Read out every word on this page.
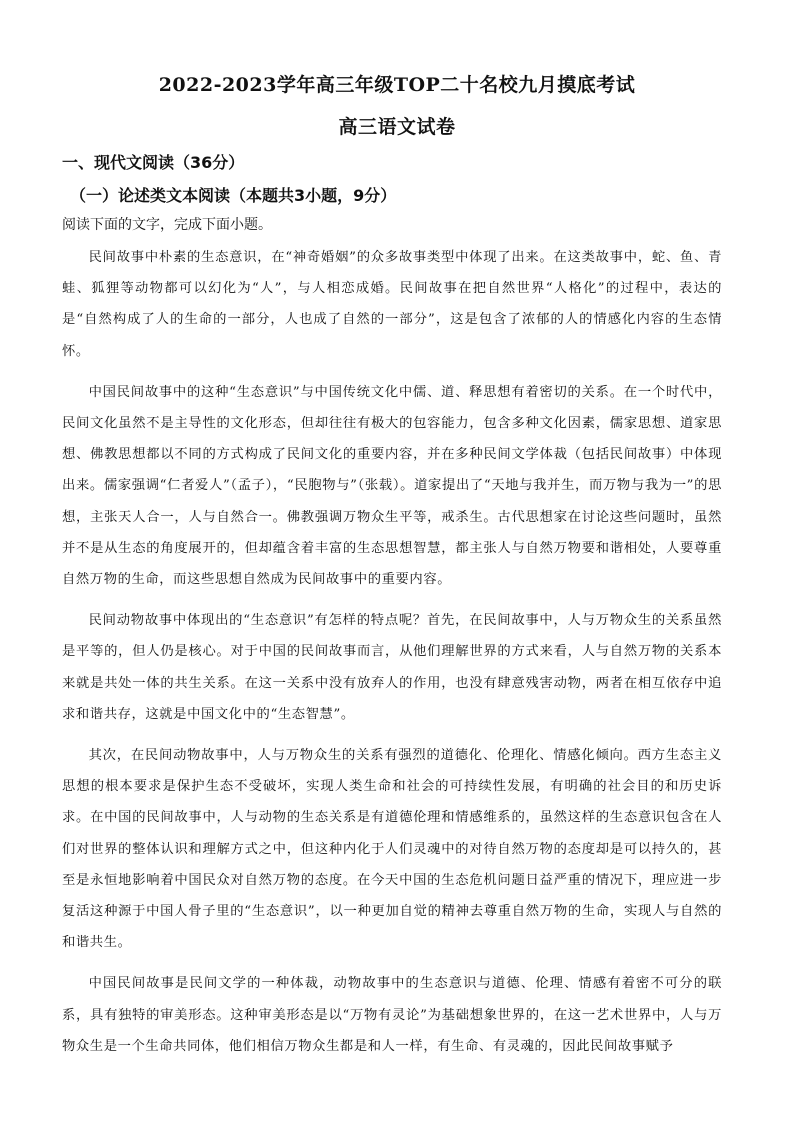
2022-2023学年高三年级TOP二十名校九月摸底考试
高三语文试卷
一、现代文阅读（36分）
（一）论述类文本阅读（本题共3小题，9分）

阅读下面的文字，完成下面小题。

民间故事中朴素的生态意识，在“神奇婚姻”的众多故事类型中体现了出来。在这类故事中，蛇、鱼、青蛙、狐狸等动物都可以幻化为“人”，与人相恋成婚。民间故事在把自然世界“人格化”的过程中，表达的是“自然构成了人的生命的一部分，人也成了自然的一部分”，这是包含了浓郁的人的情感化内容的生态情怀。

中国民间故事中的这种“生态意识”与中国传统文化中儒、道、释思想有着密切的关系。在一个时代中，民间文化虽然不是主导性的文化形态，但却往往有极大的包容能力，包含多种文化因素，儒家思想、道家思想、佛教思想都以不同的方式构成了民间文化的重要内容，并在多种民间文学体裁（包括民间故事）中体现出来。儒家强调“仁者爱人”（孟子），“民胞物与”（张载）。道家提出了“天地与我并生，而万物与我为一”的思想，主张天人合一，人与自然合一。佛教强调万物众生平等，戒杀生。古代思想家在讨论这些问题时，虽然并不是从生态的角度展开的，但却蕴含着丰富的生态思想智慧，都主张人与自然万物要和谐相处，人要尊重自然万物的生命，而这些思想自然成为民间故事中的重要内容。

民间动物故事中体现出的“生态意识”有怎样的特点呢？首先，在民间故事中，人与万物众生的关系虽然是平等的，但人仍是核心。对于中国的民间故事而言，从他们理解世界的方式来看，人与自然万物的关系本来就是共处一体的共生关系。在这一关系中没有放弃人的作用，也没有肆意残害动物，两者在相互依存中追求和谐共存，这就是中国文化中的“生态智慧”。

其次，在民间动物故事中，人与万物众生的关系有强烈的道德化、伦理化、情感化倾向。西方生态主义思想的根本要求是保护生态不受破坏，实现人类生命和社会的可持续性发展，有明确的社会目的和历史诉求。在中国的民间故事中，人与动物的生态关系是有道德伦理和情感维系的，虽然这样的生态意识包含在人们对世界的整体认识和理解方式之中，但这种内化于人们灵魂中的对待自然万物的态度却是可以持久的，甚至是永恒地影响着中国民众对自然万物的态度。在今天中国的生态危机问题日益严重的情况下，理应进一步复活这种源于中国人骨子里的“生态意识”，以一种更加自觉的精神去尊重自然万物的生命，实现人与自然的和谐共生。

中国民间故事是民间文学的一种体裁，动物故事中的生态意识与道德、伦理、情感有着密不可分的联系，具有独特的审美形态。这种审美形态是以“万物有灵论”为基础想象世界的，在这一艺术世界中，人与万物众生是一个生命共同体，他们相信万物众生都是和人一样，有生命、有灵魂的，因此民间故事赋予
